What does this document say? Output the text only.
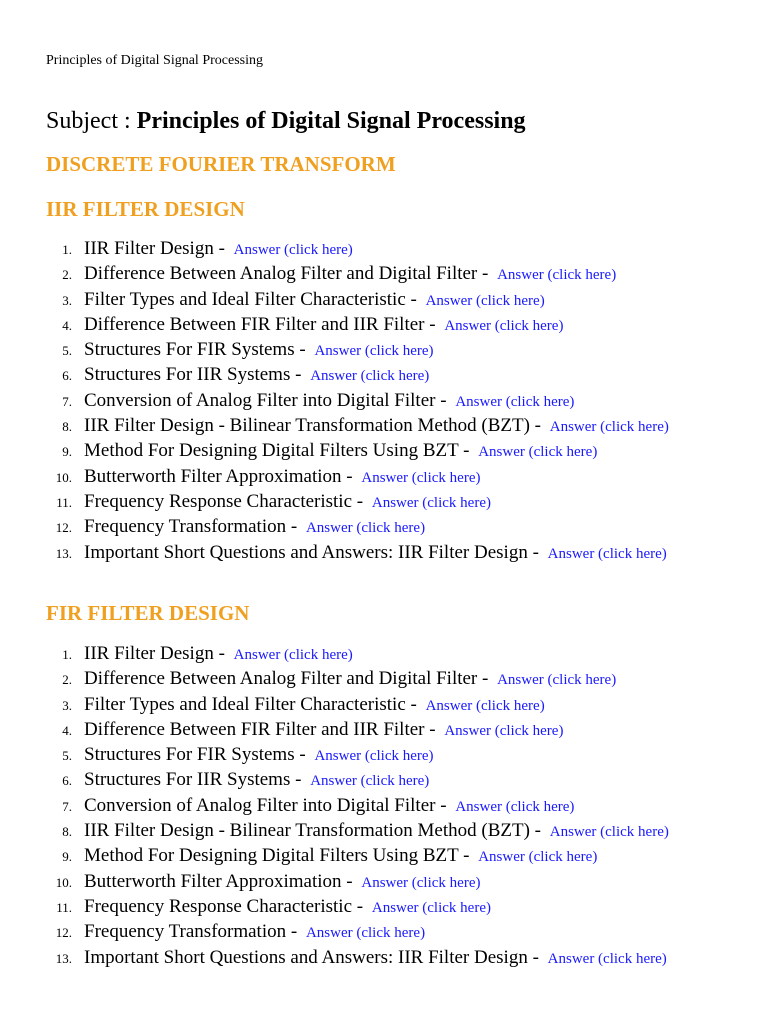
Principles of Digital Signal Processing
Subject : Principles of Digital Signal Processing
DISCRETE FOURIER TRANSFORM
IIR FILTER DESIGN
1. IIR Filter Design - Answer (click here)
2. Difference Between Analog Filter and Digital Filter - Answer (click here)
3. Filter Types and Ideal Filter Characteristic - Answer (click here)
4. Difference Between FIR Filter and IIR Filter - Answer (click here)
5. Structures For FIR Systems - Answer (click here)
6. Structures For IIR Systems - Answer (click here)
7. Conversion of Analog Filter into Digital Filter - Answer (click here)
8. IIR Filter Design - Bilinear Transformation Method (BZT) - Answer (click here)
9. Method For Designing Digital Filters Using BZT - Answer (click here)
10. Butterworth Filter Approximation - Answer (click here)
11. Frequency Response Characteristic - Answer (click here)
12. Frequency Transformation - Answer (click here)
13. Important Short Questions and Answers: IIR Filter Design - Answer (click here)
FIR FILTER DESIGN
1. IIR Filter Design - Answer (click here)
2. Difference Between Analog Filter and Digital Filter - Answer (click here)
3. Filter Types and Ideal Filter Characteristic - Answer (click here)
4. Difference Between FIR Filter and IIR Filter - Answer (click here)
5. Structures For FIR Systems - Answer (click here)
6. Structures For IIR Systems - Answer (click here)
7. Conversion of Analog Filter into Digital Filter - Answer (click here)
8. IIR Filter Design - Bilinear Transformation Method (BZT) - Answer (click here)
9. Method For Designing Digital Filters Using BZT - Answer (click here)
10. Butterworth Filter Approximation - Answer (click here)
11. Frequency Response Characteristic - Answer (click here)
12. Frequency Transformation - Answer (click here)
13. Important Short Questions and Answers: IIR Filter Design - Answer (click here)
